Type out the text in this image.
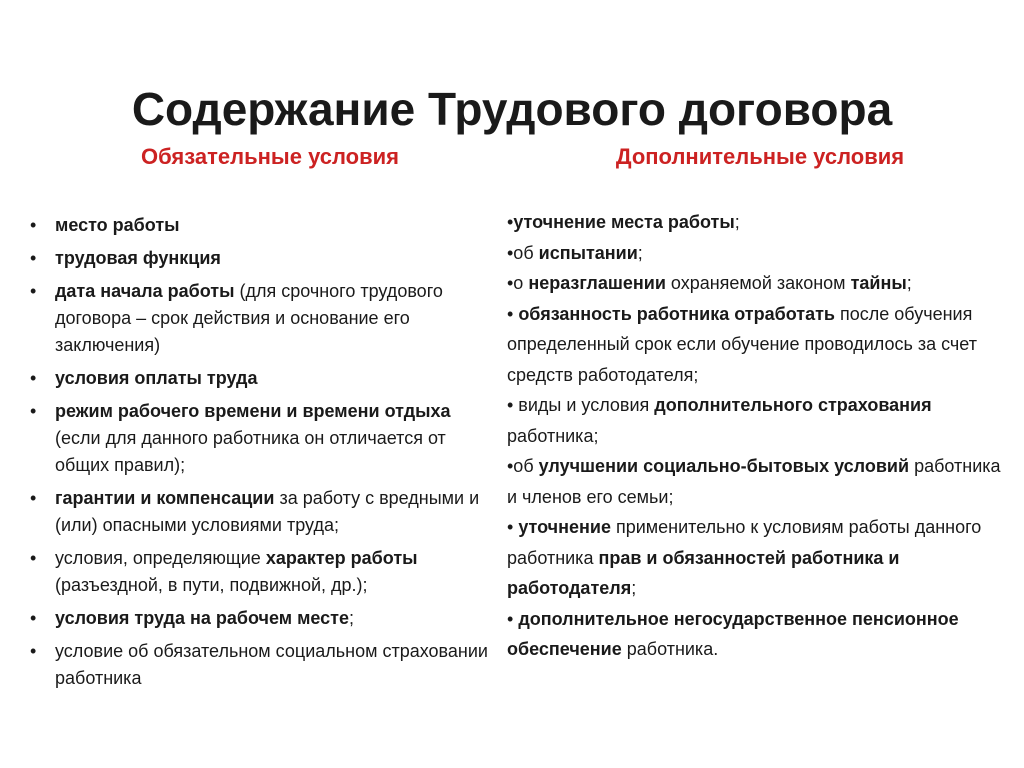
Содержание Трудового договора
Обязательные условия	Дополнительные условия
• место работы
• трудовая функция
• дата начала работы (для срочного трудового договора – срок действия и основание его заключения)
• условия оплаты труда
• режим рабочего времени и времени отдыха (если для данного работника он отличается от общих правил);
• гарантии и компенсации за работу с вредными и (или) опасными условиями труда;
• условия, определяющие характер работы (разъездной, в пути, подвижной, др.);
• условия труда на рабочем месте;
• условие об обязательном социальном страховании работника
•уточнение места работы;
•об испытании;
•о неразглашении охраняемой законом тайны;
• обязанность работника отработать после обучения определенный срок если обучение проводилось за счет средств работодателя;
• виды и условия дополнительного страхования работника;
•об улучшении социально-бытовых условий работника и членов его семьи;
• уточнение применительно к условиям работы данного работника прав и обязанностей работника и работодателя;
• дополнительное негосударственное пенсионное обеспечение работника.
